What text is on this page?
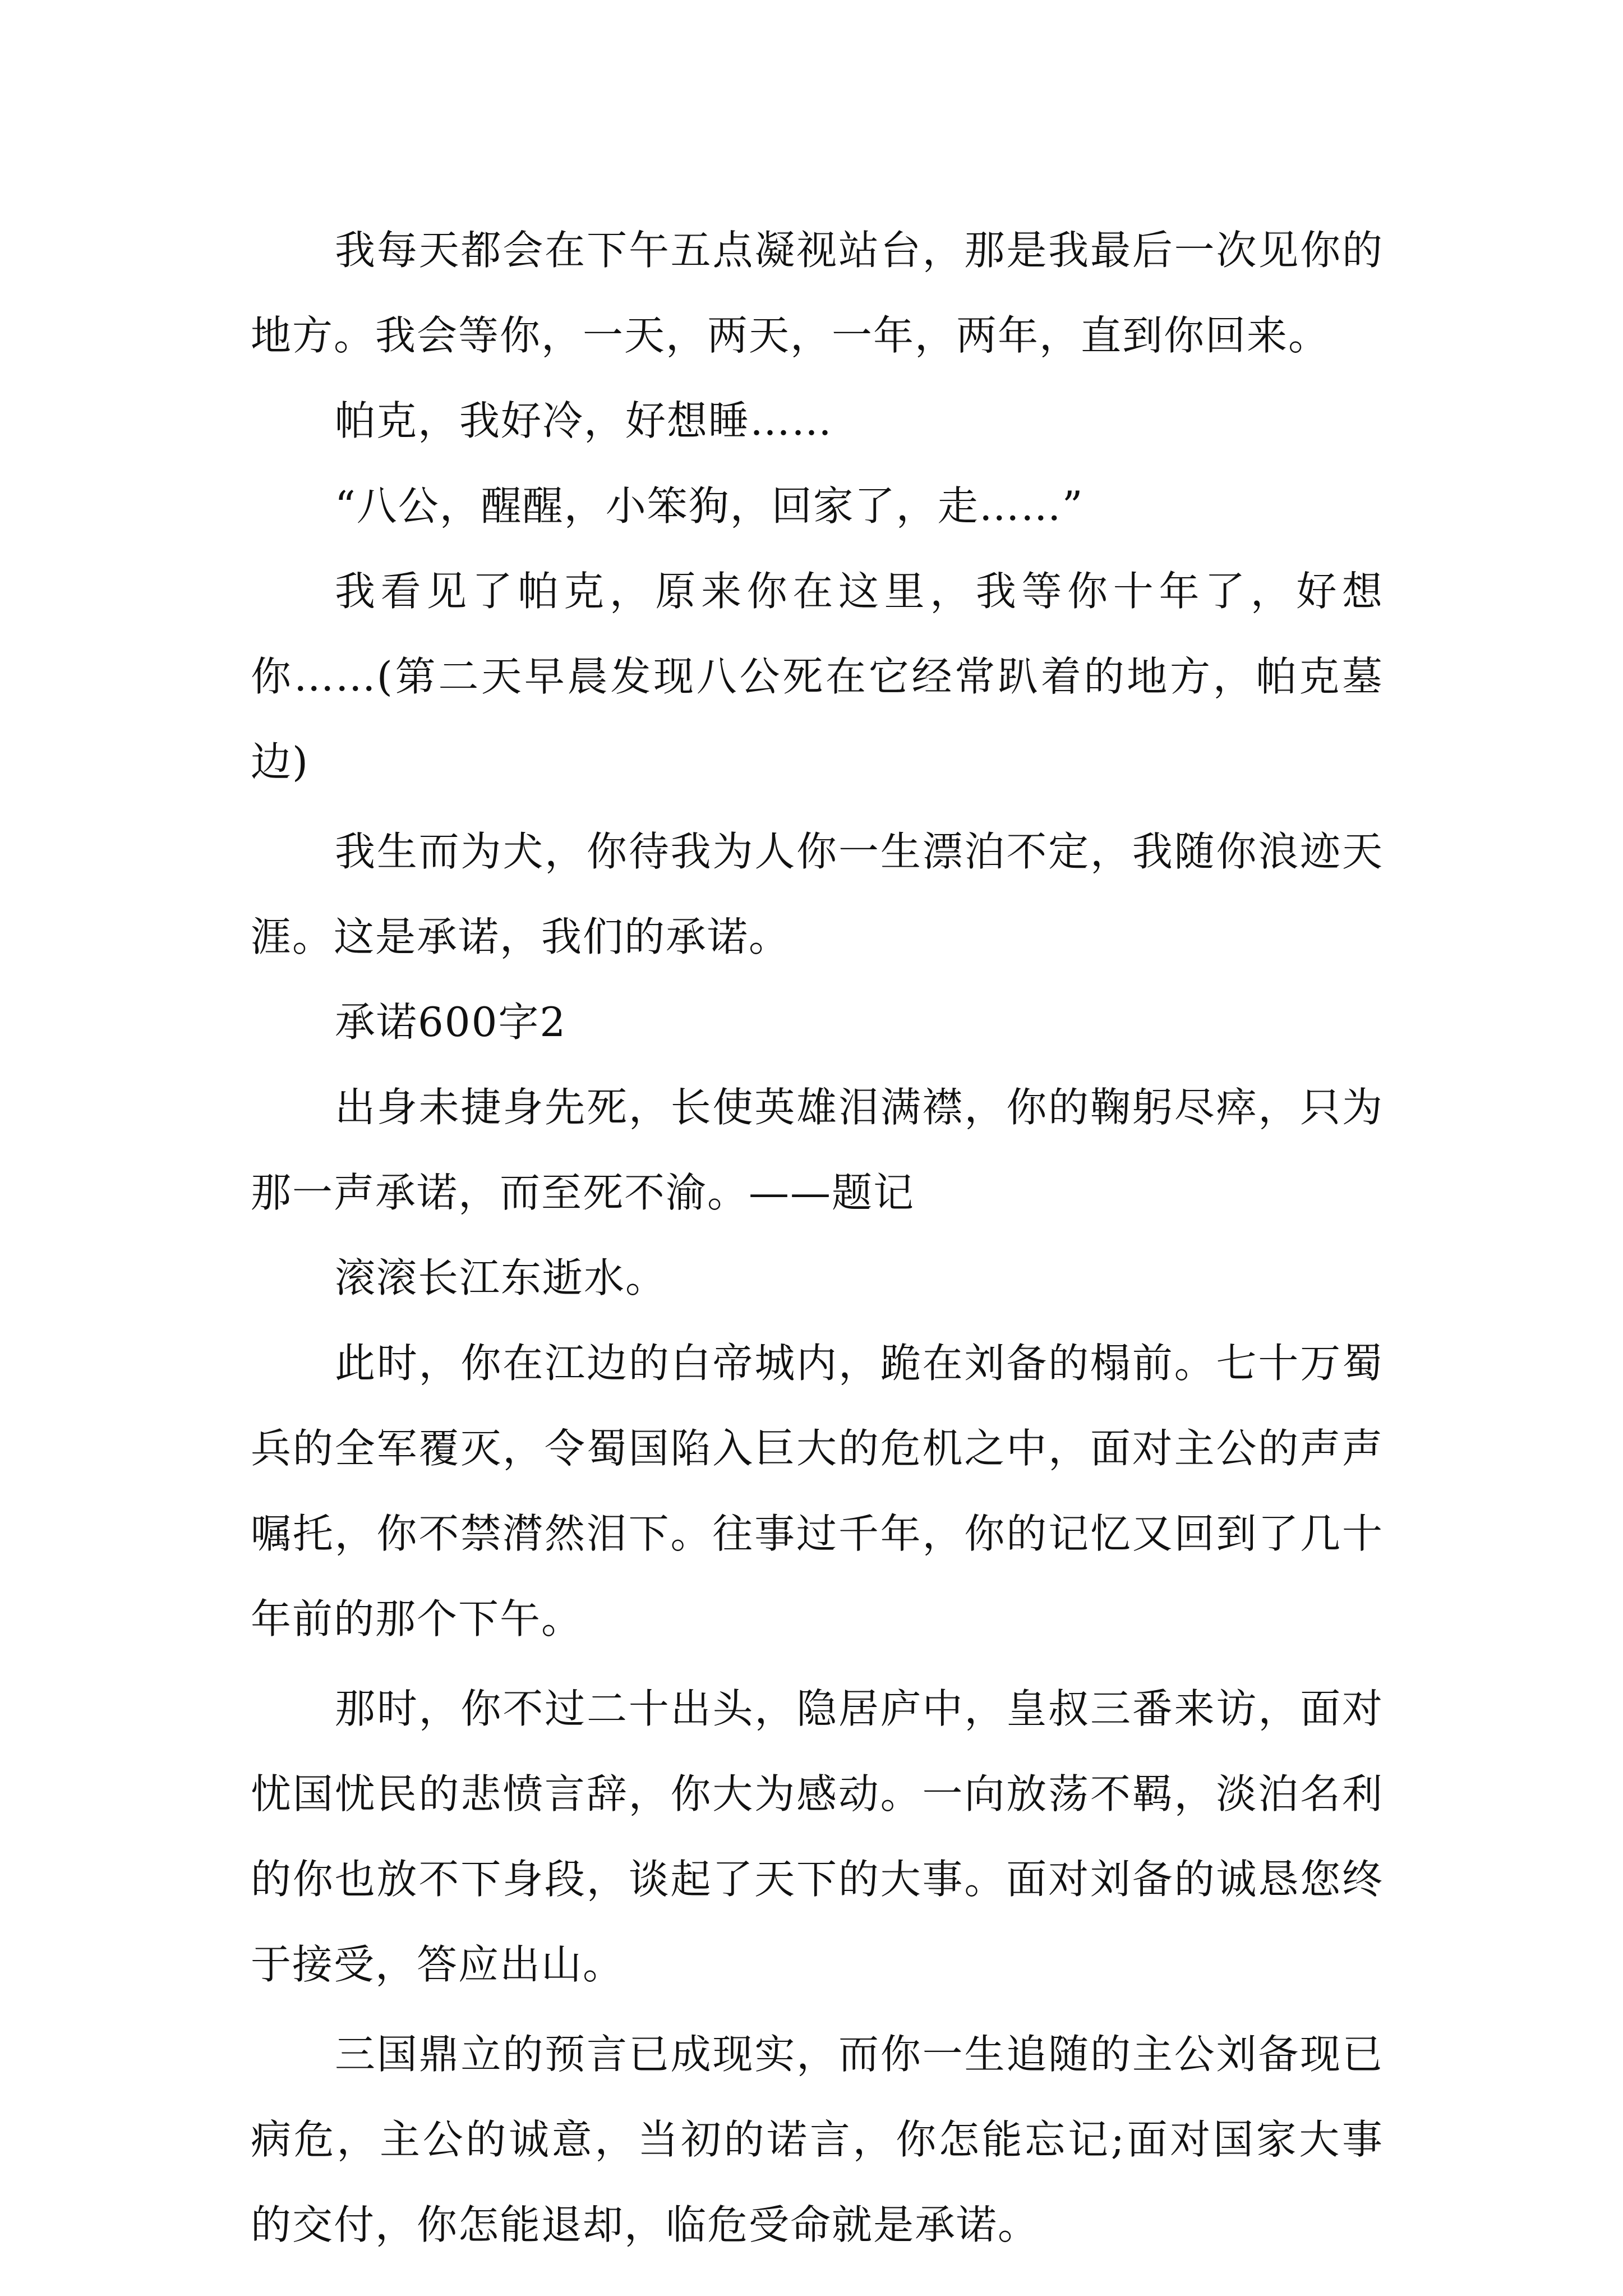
我每天都会在下午五点凝视站台，那是我最后一次见你的地方。我会等你，一天，两天，一年，两年，直到你回来。

帕克，我好冷，好想睡……

“八公，醒醒，小笨狗，回家了，走……”

我看见了帕克，原来你在这里，我等你十年了，好想你……(第二天早晨发现八公死在它经常趴着的地方，帕克墓边)

我生而为犬，你待我为人你一生漂泊不定，我随你浪迹天涯。这是承诺，我们的承诺。

承诺600字2

出身未捷身先死，长使英雄泪满襟，你的鞠躬尽瘁，只为那一声承诺，而至死不渝。——题记

滚滚长江东逝水。

此时，你在江边的白帝城内，跪在刘备的榻前。七十万蜀兵的全军覆灭，令蜀国陷入巨大的危机之中，面对主公的声声嘱托，你不禁潸然泪下。往事过千年，你的记忆又回到了几十年前的那个下午。

那时，你不过二十出头，隐居庐中，皇叔三番来访，面对忧国忧民的悲愤言辞，你大为感动。一向放荡不羁，淡泊名利的你也放不下身段，谈起了天下的大事。面对刘备的诚恳您终于接受，答应出山。

三国鼎立的预言已成现实，而你一生追随的主公刘备现已病危，主公的诚意，当初的诺言，你怎能忘记;面对国家大事的交付，你怎能退却，临危受命就是承诺。
